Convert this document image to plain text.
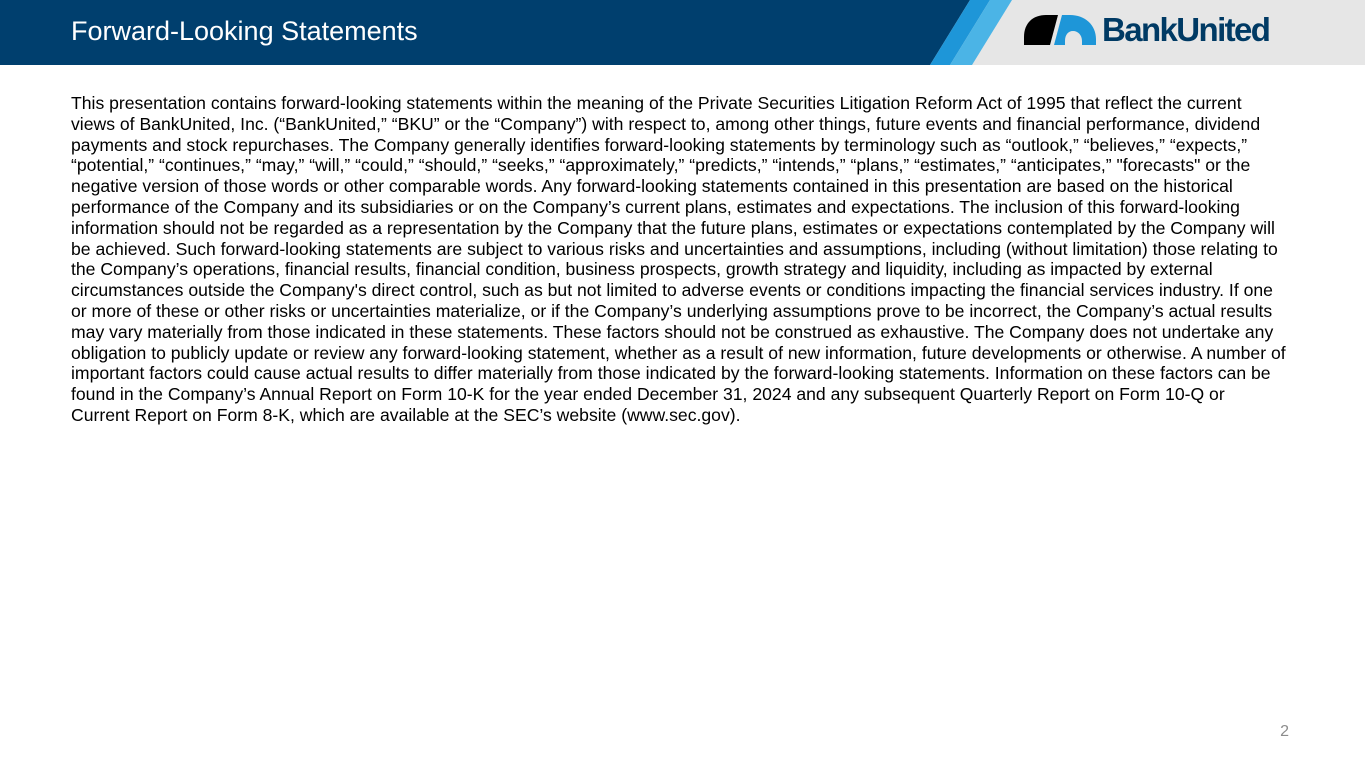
Forward-Looking Statements	BankUnited

This presentation contains forward-looking statements within the meaning of the Private Securities Litigation Reform Act of 1995 that reflect the current views of BankUnited, Inc. (“BankUnited,” “BKU” or the “Company”) with respect to, among other things, future events and financial performance, dividend payments and stock repurchases. The Company generally identifies forward-looking statements by terminology such as “outlook,” “believes,” “expects,” “potential,” “continues,” “may,” “will,” “could,” “should,” “seeks,” “approximately,” “predicts,” “intends,” “plans,” “estimates,” “anticipates,” "forecasts" or the negative version of those words or other comparable words. Any forward-looking statements contained in this presentation are based on the historical performance of the Company and its subsidiaries or on the Company’s current plans, estimates and expectations. The inclusion of this forward-looking information should not be regarded as a representation by the Company that the future plans, estimates or expectations contemplated by the Company will be achieved. Such forward-looking statements are subject to various risks and uncertainties and assumptions, including (without limitation) those relating to the Company’s operations, financial results, financial condition, business prospects, growth strategy and liquidity, including as impacted by external circumstances outside the Company's direct control, such as but not limited to adverse events or conditions impacting the financial services industry. If one or more of these or other risks or uncertainties materialize, or if the Company’s underlying assumptions prove to be incorrect, the Company’s actual results may vary materially from those indicated in these statements. These factors should not be construed as exhaustive. The Company does not undertake any obligation to publicly update or review any forward-looking statement, whether as a result of new information, future developments or otherwise. A number of important factors could cause actual results to differ materially from those indicated by the forward-looking statements. Information on these factors can be found in the Company’s Annual Report on Form 10-K for the year ended December 31, 2024 and any subsequent Quarterly Report on Form 10-Q or Current Report on Form 8-K, which are available at the SEC’s website (www.sec.gov).

2
